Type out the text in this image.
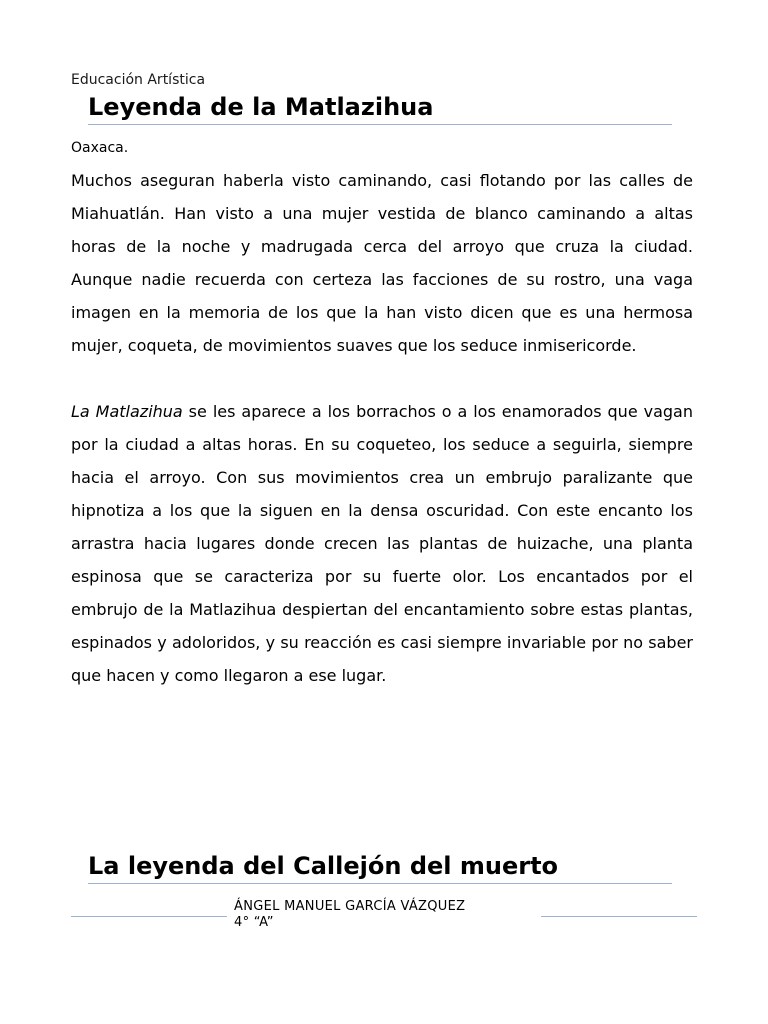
Educación Artística
Leyenda de la Matlazihua
Oaxaca.

Muchos aseguran haberla visto caminando, casi flotando por las calles de Miahuatlán. Han visto a una mujer vestida de blanco caminando a altas horas de la noche y madrugada cerca del arroyo que cruza la ciudad. Aunque nadie recuerda con certeza las facciones de su rostro, una vaga imagen en la memoria de los que la han visto dicen que es una hermosa mujer, coqueta, de movimientos suaves que los seduce inmisericorde.

La Matlazihua se les aparece a los borrachos o a los enamorados que vagan por la ciudad a altas horas. En su coqueteo, los seduce a seguirla, siempre hacia el arroyo. Con sus movimientos crea un embrujo paralizante que hipnotiza a los que la siguen en la densa oscuridad. Con este encanto los arrastra hacia lugares donde crecen las plantas de huizache, una planta espinosa que se caracteriza por su fuerte olor. Los encantados por el embrujo de la Matlazihua despiertan del encantamiento sobre estas plantas, espinados y adoloridos, y su reacción es casi siempre invariable por no saber que hacen y como llegaron a ese lugar.

La leyenda del Callejón del muerto
ÁNGEL MANUEL GARCÍA VÁZQUEZ
4° “A”
